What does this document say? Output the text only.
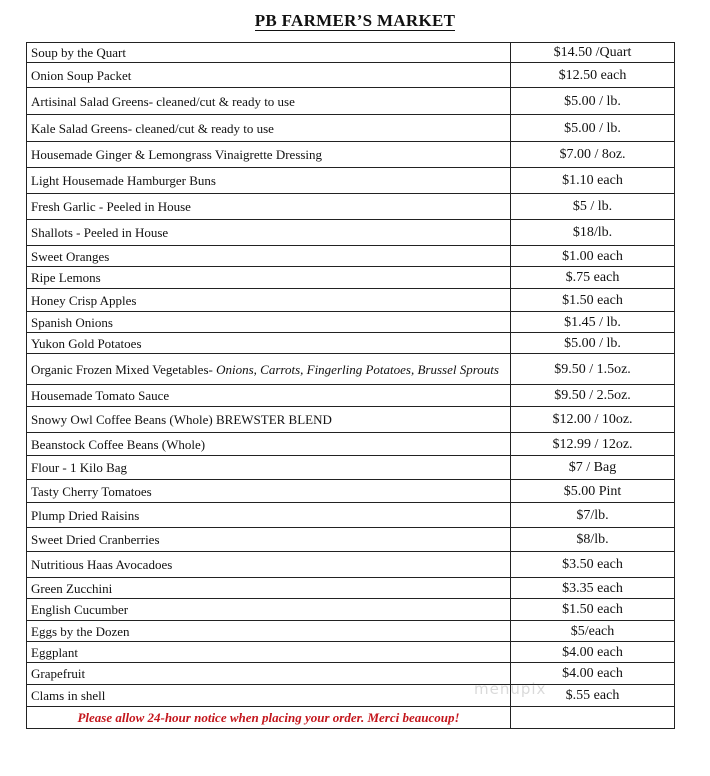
PB FARMER’S MARKET
Soup by the Quart	$14.50 /Quart
Onion Soup Packet	$12.50 each
Artisinal Salad Greens- cleaned/cut & ready to use	$5.00 / lb.
Kale Salad Greens- cleaned/cut & ready to use	$5.00 / lb.
Housemade Ginger & Lemongrass Vinaigrette Dressing	$7.00 / 8oz.
Light Housemade Hamburger Buns	$1.10 each
Fresh Garlic - Peeled in House	$5 / lb.
Shallots - Peeled in House	$18/lb.
Sweet Oranges	$1.00 each
Ripe Lemons	$.75 each
Honey Crisp Apples	$1.50 each
Spanish Onions	$1.45 / lb.
Yukon Gold Potatoes	$5.00 / lb.
Organic Frozen Mixed Vegetables- Onions, Carrots, Fingerling Potatoes, Brussel Sprouts	$9.50 / 1.5oz.
Housemade Tomato Sauce	$9.50 / 2.5oz.
Snowy Owl Coffee Beans (Whole) BREWSTER BLEND	$12.00 / 10oz.
Beanstock Coffee Beans (Whole)	$12.99 / 12oz.
Flour - 1 Kilo Bag	$7 / Bag
Tasty Cherry Tomatoes	$5.00 Pint
Plump Dried Raisins	$7/lb.
Sweet Dried Cranberries	$8/lb.
Nutritious Haas Avocadoes	$3.50 each
Green Zucchini	$3.35 each
English Cucumber	$1.50 each
Eggs by the Dozen	$5/each
Eggplant	$4.00 each
Grapefruit	$4.00 each
Clams in shell	$.55 each
Please allow 24-hour notice when placing your order. Merci beaucoup!	
menupix
